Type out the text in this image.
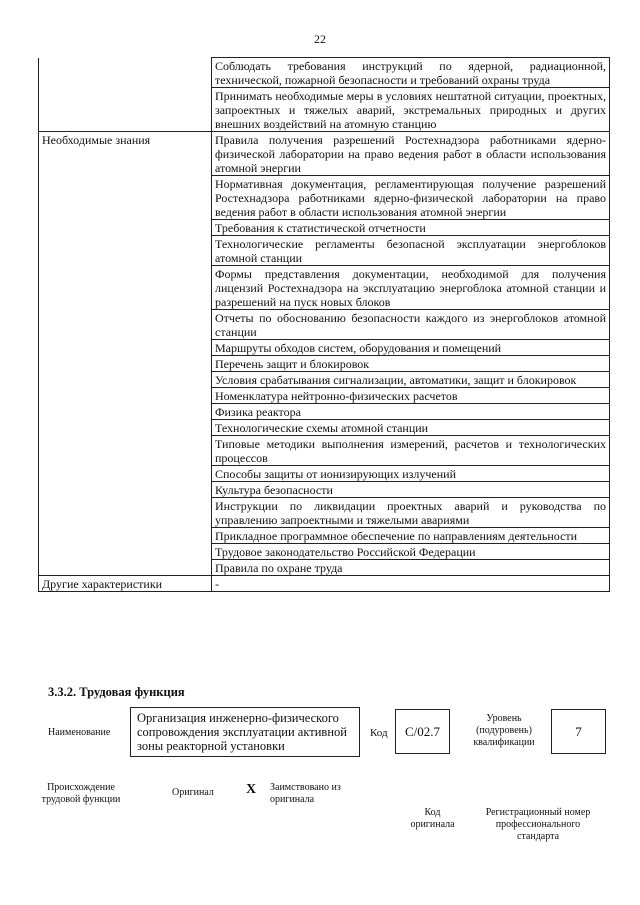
22
	Соблюдать требования инструкций по ядерной, радиационной, технической, пожарной безопасности и требований охраны труда
	Принимать необходимые меры в условиях нештатной ситуации, проектных, запроектных и тяжелых аварий, экстремальных природных и других внешних воздействий на атомную станцию
Необходимые знания	Правила получения разрешений Ростехнадзора работниками ядерно-физической лаборатории на право ведения работ в области использования атомной энергии
	Нормативная документация, регламентирующая получение разрешений Ростехнадзора работниками ядерно-физической лаборатории на право ведения работ в области использования атомной энергии
	Требования к статистической отчетности
	Технологические регламенты безопасной эксплуатации энергоблоков атомной станции
	Формы представления документации, необходимой для получения лицензий Ростехнадзора на эксплуатацию энергоблока атомной станции и разрешений на пуск новых блоков
	Отчеты по обоснованию безопасности каждого из энергоблоков атомной станции
	Маршруты обходов систем, оборудования и помещений
	Перечень защит и блокировок
	Условия срабатывания сигнализации, автоматики, защит и блокировок
	Номенклатура нейтронно-физических расчетов
	Физика реактора
	Технологические схемы атомной станции
	Типовые методики выполнения измерений, расчетов и технологических процессов
	Способы защиты от ионизирующих излучений
	Культура безопасности
	Инструкции по ликвидации проектных аварий и руководства по управлению запроектными и тяжелыми авариями
	Прикладное программное обеспечение по направлениям деятельности
	Трудовое законодательство Российской Федерации
	Правила по охране труда
Другие характеристики	-
3.3.2. Трудовая функция
Наименование
Организация инженерно-физического сопровождения эксплуатации активной зоны реакторной установки
Код	С/02.7
Уровень (подуровень) квалификации
7
Происхождение трудовой функции
Оригинал X Заимствовано из оригинала
Код оригинала
Регистрационный номер профессионального стандарта
